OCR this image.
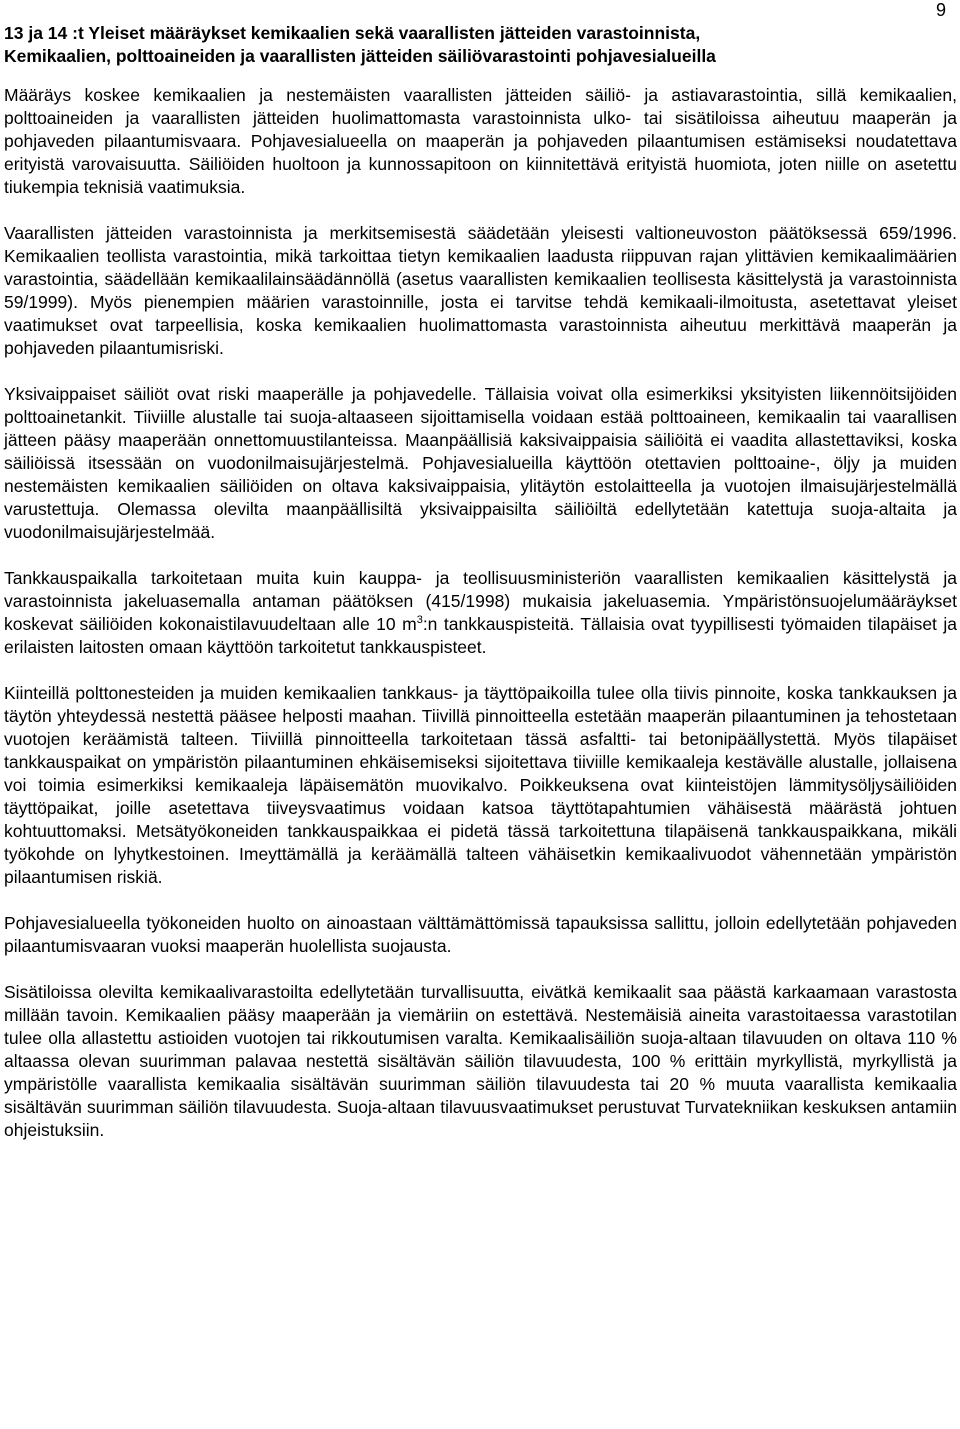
9
13 ja 14 :t Yleiset määräykset kemikaalien sekä vaarallisten jätteiden varastoinnista,
Kemikaalien, polttoaineiden ja vaarallisten jätteiden säiliövarastointi pohjavesialueilla

Määräys koskee kemikaalien ja nestemäisten vaarallisten jätteiden säiliö- ja astiavarastointia, sillä kemikaalien, polttoaineiden ja vaarallisten jätteiden huolimattomasta varastoinnista ulko- tai sisätiloissa aiheutuu maaperän ja pohjaveden pilaantumisvaara. Pohjavesialueella on maaperän ja pohjaveden pilaantumisen estämiseksi noudatettava erityistä varovaisuutta. Säiliöiden huoltoon ja kunnossapitoon on kiinnitettävä erityistä huomiota, joten niille on asetettu tiukempia teknisiä vaatimuksia.

Vaarallisten jätteiden varastoinnista ja merkitsemisestä säädetään yleisesti valtioneuvoston päätöksessä 659/1996. Kemikaalien teollista varastointia, mikä tarkoittaa tietyn kemikaalien laadusta riippuvan rajan ylittävien kemikaalimäärien varastointia, säädellään kemikaalilainsäädännöllä (asetus vaarallisten kemikaalien teollisesta käsittelystä ja varastoinnista 59/1999). Myös pienempien määrien varastoinnille, josta ei tarvitse tehdä kemikaali-ilmoitusta, asetettavat yleiset vaatimukset ovat tarpeellisia, koska kemikaalien huolimattomasta varastoinnista aiheutuu merkittävä maaperän ja pohjaveden pilaantumisriski.

Yksivaippaiset säiliöt ovat riski maaperälle ja pohjavedelle. Tällaisia voivat olla esimerkiksi yksityisten liikennöitsijöiden polttoainetankit. Tiiviille alustalle tai suoja-altaaseen sijoittamisella voidaan estää polttoaineen, kemikaalin tai vaarallisen jätteen pääsy maaperään onnettomuustilanteissa. Maanpäällisiä kaksivaippaisia säiliöitä ei vaadita allastettaviksi, koska säiliöissä itsessään on vuodonilmaisujärjestelmä. Pohjavesialueilla käyttöön otettavien polttoaine-, öljy ja muiden nestemäisten kemikaalien säiliöiden on oltava kaksivaippaisia, ylitäytön estolaitteella ja vuotojen ilmaisujärjestelmällä varustettuja. Olemassa olevilta maanpäällisiltä yksivaippaisilta säiliöiltä edellytetään katettuja suoja-altaita ja vuodonilmaisujärjestelmää.

Tankkauspaikalla tarkoitetaan muita kuin kauppa- ja teollisuusministeriön vaarallisten kemikaalien käsittelystä ja varastoinnista jakeluasemalla antaman päätöksen (415/1998) mukaisia jakeluasemia. Ympäristönsuojelumääräykset koskevat säiliöiden kokonaistilavuudeltaan alle 10 $m^3:n$ tankkauspisteitä. Tällaisia ovat tyypillisesti työmaiden tilapäiset ja erilaisten laitosten omaan käyttöön tarkoitetut tankkauspisteet.

Kiinteillä polttonesteiden ja muiden kemikaalien tankkaus- ja täyttöpaikoilla tulee olla tiivis pinnoite, koska tankkauksen ja täytön yhteydessä nestettä pääsee helposti maahan. Tiivillä pinnoitteella estetään maaperän pilaantuminen ja tehostetaan vuotojen keräämistä talteen. Tiiviillä pinnoitteella tarkoitetaan tässä asfaltti- tai betonipäällystettä. Myös tilapäiset tankkauspaikat on ympäristön pilaantuminen ehkäisemiseksi sijoitettava tiiviille kemikaaleja kestävälle alustalle, jollaisena voi toimia esimerkiksi kemikaaleja läpäisemätön muovikalvo. Poikkeuksena ovat kiinteistöjen lämmitysöljysäiliöiden täyttöpaikat, joille asetettava tiiveysvaatimus voidaan katsoa täyttötapahtumien vähäisestä määrästä johtuen kohtuuttomaksi. Metsätyökoneiden tankkauspaikkaa ei pidetä tässä tarkoitettuna tilapäisenä tankkauspaikkana, mikäli työkohde on lyhytkestoinen. Imeyttämällä ja keräämällä talteen vähäisetkin kemikaalivuodot vähennetään ympäristön pilaantumisen riskiä.

Pohjavesialueella työkoneiden huolto on ainoastaan välttämättömissä tapauksissa sallittu, jolloin edellytetään pohjaveden pilaantumisvaaran vuoksi maaperän huolellista suojausta.

Sisätiloissa olevilta kemikaalivarastoilta edellytetään turvallisuutta, eivätkä kemikaalit saa päästä karkaamaan varastosta millään tavoin. Kemikaalien pääsy maaperään ja viemäriin on estettävä. Nestemäisiä aineita varastoitaessa varastotilan tulee olla allastettu astioiden vuotojen tai rikkoutumisen varalta. Kemikaalisäiliön suoja-altaan tilavuuden on oltava 110 % altaassa olevan suurimman palavaa nestettä sisältävän säiliön tilavuudesta, 100 % erittäin myrkyllistä, myrkyllistä ja ympäristölle vaarallista kemikaalia sisältävän suurimman säiliön tilavuudesta tai 20 % muuta vaarallista kemikaalia sisältävän suurimman säiliön tilavuudesta. Suoja-altaan tilavuusvaatimukset perustuvat Turvatekniikan keskuksen antamiin ohjeistuksiin.
